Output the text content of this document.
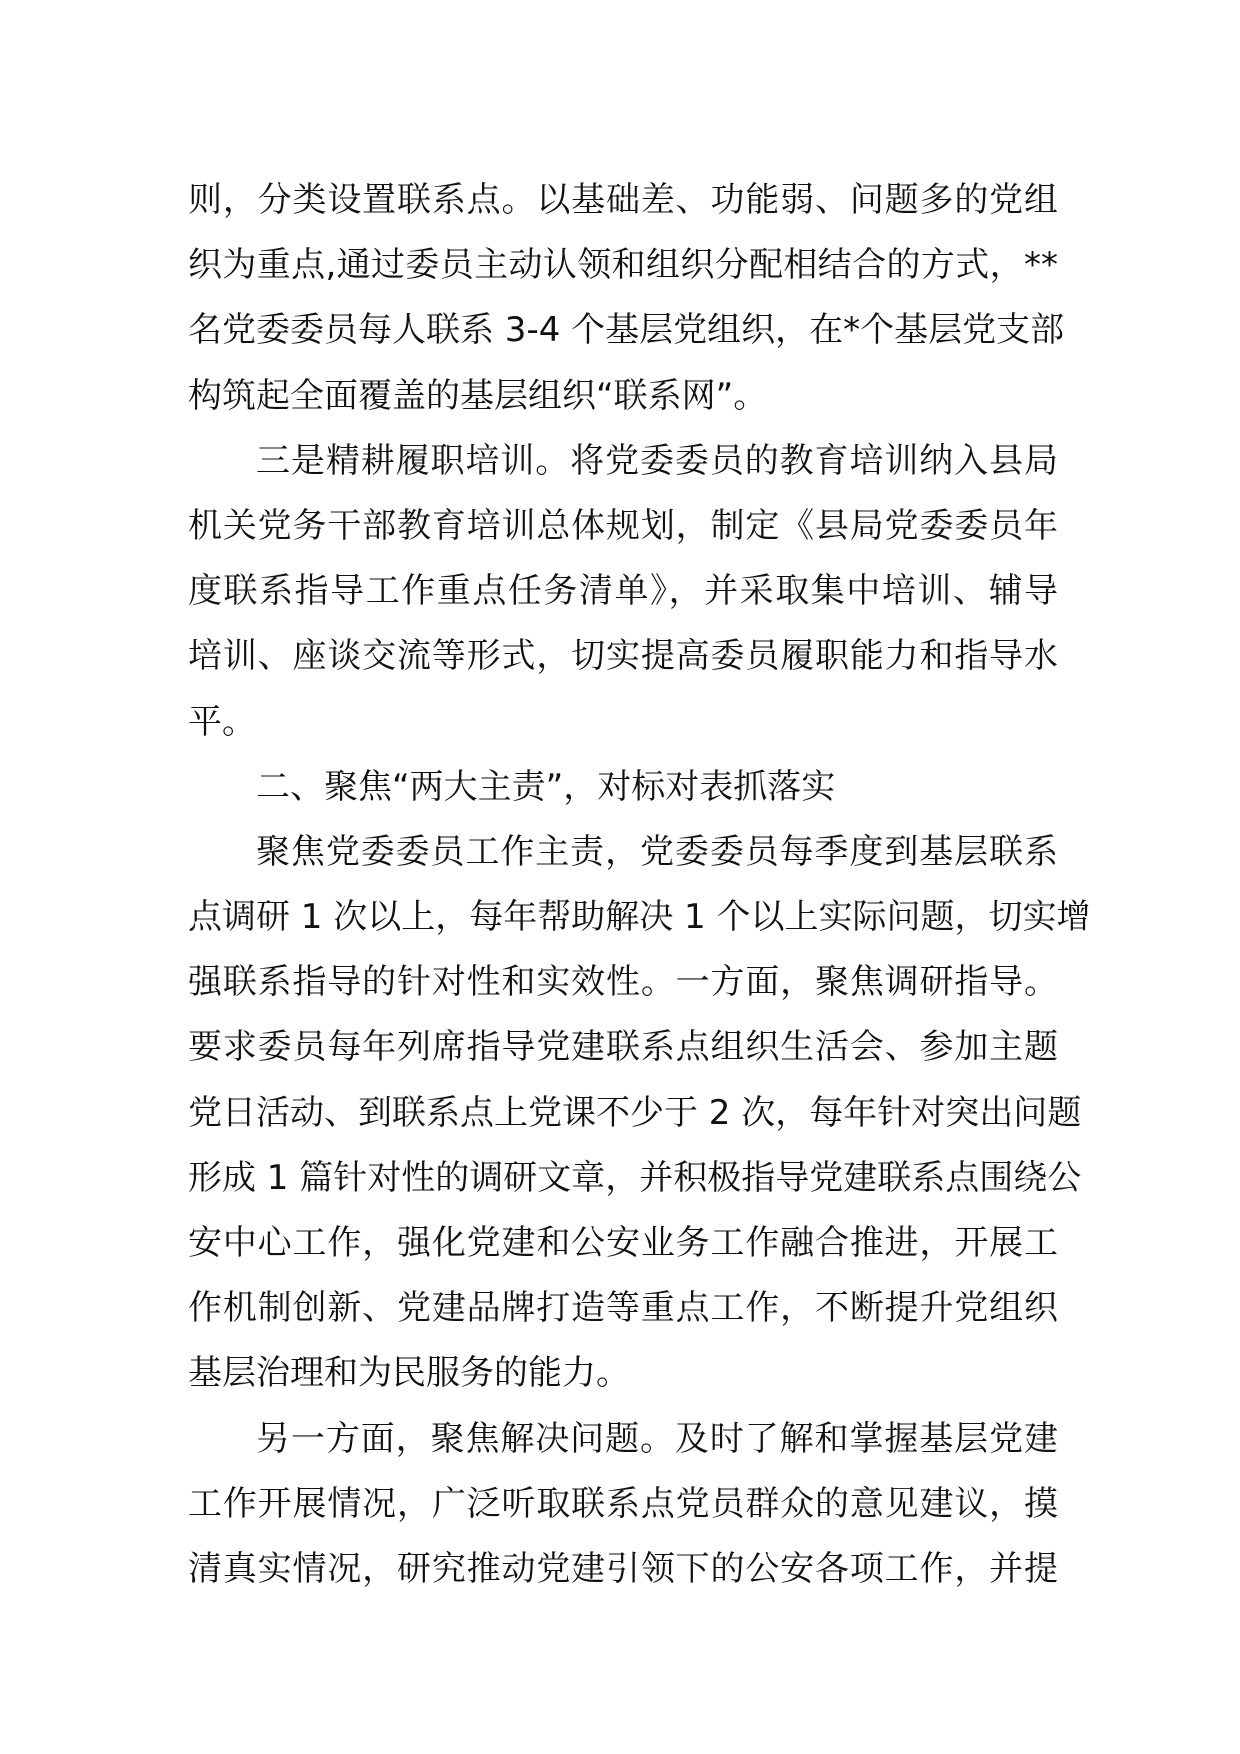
则，分类设置联系点。以基础差、功能弱、问题多的党组
织为重点,通过委员主动认领和组织分配相结合的方式，**
名党委委员每人联系 3-4 个基层党组织，在*个基层党支部
构筑起全面覆盖的基层组织“联系网”。
三是精耕履职培训。将党委委员的教育培训纳入县局
机关党务干部教育培训总体规划，制定《县局党委委员年
度联系指导工作重点任务清单》，并采取集中培训、辅导
培训、座谈交流等形式，切实提高委员履职能力和指导水
平。
二、聚焦“两大主责”，对标对表抓落实
聚焦党委委员工作主责，党委委员每季度到基层联系
点调研 1 次以上，每年帮助解决 1 个以上实际问题，切实增
强联系指导的针对性和实效性。一方面，聚焦调研指导。
要求委员每年列席指导党建联系点组织生活会、参加主题
党日活动、到联系点上党课不少于 2 次，每年针对突出问题
形成 1 篇针对性的调研文章，并积极指导党建联系点围绕公
安中心工作，强化党建和公安业务工作融合推进，开展工
作机制创新、党建品牌打造等重点工作，不断提升党组织
基层治理和为民服务的能力。
另一方面，聚焦解决问题。及时了解和掌握基层党建
工作开展情况，广泛听取联系点党员群众的意见建议，摸
清真实情况，研究推动党建引领下的公安各项工作，并提
